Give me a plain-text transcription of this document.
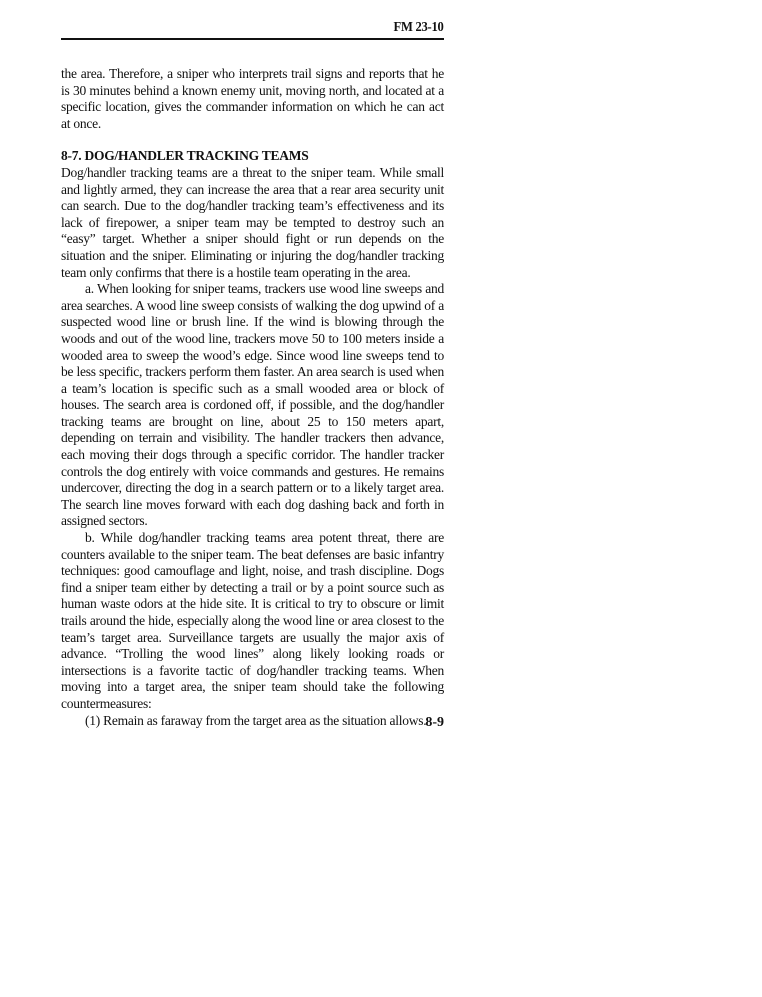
FM 23-10

the area. Therefore, a sniper who interprets trail signs and reports that he is 30 minutes behind a known enemy unit, moving north, and located at a specific location, gives the commander information on which he can act at once.

8-7. DOG/HANDLER TRACKING TEAMS

Dog/handler tracking teams are a threat to the sniper team. While small and lightly armed, they can increase the area that a rear area security unit can search. Due to the dog/handler tracking team’s effectiveness and its lack of firepower, a sniper team may be tempted to destroy such an “easy” target. Whether a sniper should fight or run depends on the situation and the sniper. Eliminating or injuring the dog/handler tracking team only confirms that there is a hostile team operating in the area.

a. When looking for sniper teams, trackers use wood line sweeps and area searches. A wood line sweep consists of walking the dog upwind of a suspected wood line or brush line. If the wind is blowing through the woods and out of the wood line, trackers move 50 to 100 meters inside a wooded area to sweep the wood’s edge. Since wood line sweeps tend to be less specific, trackers perform them faster. An area search is used when a team’s location is specific such as a small wooded area or block of houses. The search area is cordoned off, if possible, and the dog/handler tracking teams are brought on line, about 25 to 150 meters apart, depending on terrain and visibility. The handler trackers then advance, each moving their dogs through a specific corridor. The handler tracker controls the dog entirely with voice commands and gestures. He remains undercover, directing the dog in a search pattern or to a likely target area. The search line moves forward with each dog dashing back and forth in assigned sectors.

b. While dog/handler tracking teams area potent threat, there are counters available to the sniper team. The beat defenses are basic infantry techniques: good camouflage and light, noise, and trash discipline. Dogs find a sniper team either by detecting a trail or by a point source such as human waste odors at the hide site. It is critical to try to obscure or limit trails around the hide, especially along the wood line or area closest to the team’s target area. Surveillance targets are usually the major axis of advance. “Trolling the wood lines” along likely looking roads or intersections is a favorite tactic of dog/handler tracking teams. When moving into a target area, the sniper team should take the following countermeasures:

(1) Remain as faraway from the target area as the situation allows.

8-9
